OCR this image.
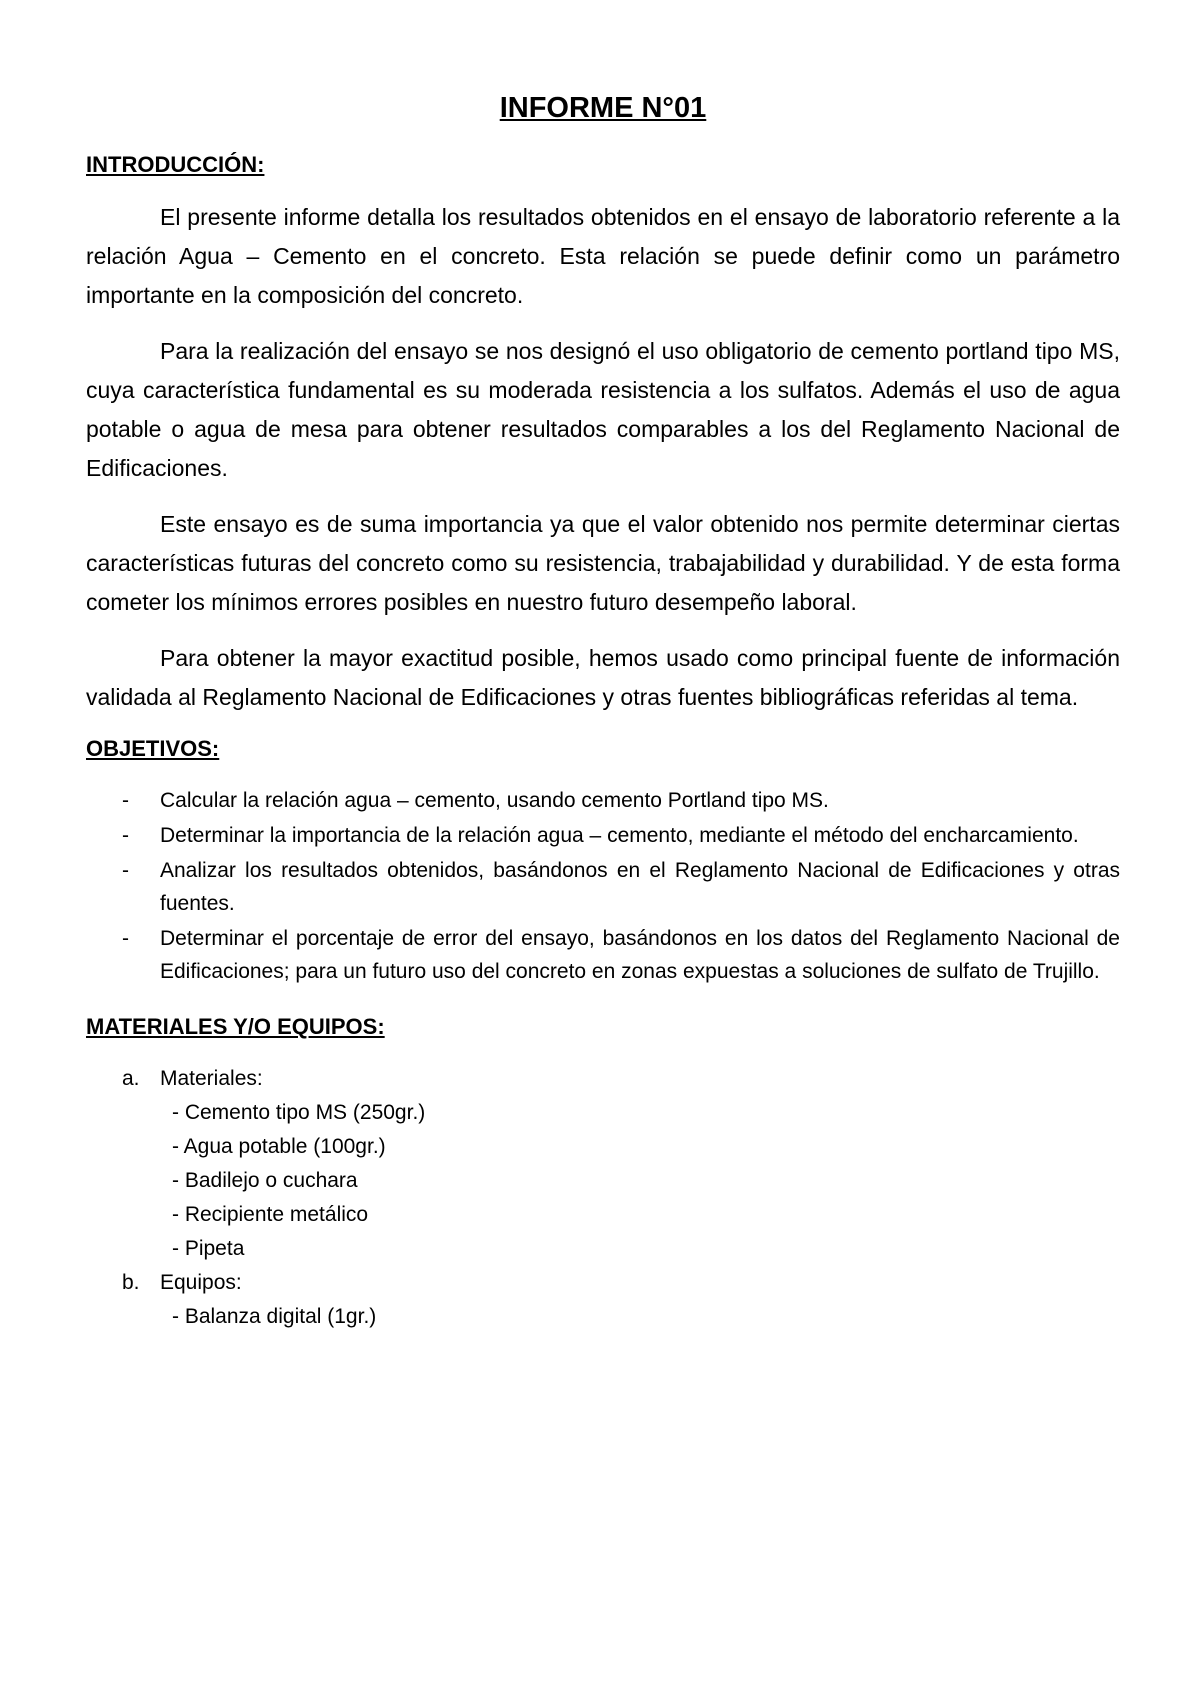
INFORME N°01
INTRODUCCIÓN:

El presente informe detalla los resultados obtenidos en el ensayo de laboratorio referente a la relación Agua – Cemento en el concreto. Esta relación se puede definir como un parámetro importante en la composición del concreto.

Para la realización del ensayo se nos designó el uso obligatorio de cemento portland tipo MS, cuya característica fundamental es su moderada resistencia a los sulfatos. Además el uso de agua potable o agua de mesa para obtener resultados comparables a los del Reglamento Nacional de Edificaciones.

Este ensayo es de suma importancia ya que el valor obtenido nos permite determinar ciertas características futuras del concreto como su resistencia, trabajabilidad y durabilidad. Y de esta forma cometer los mínimos errores posibles en nuestro futuro desempeño laboral.

Para obtener la mayor exactitud posible, hemos usado como principal fuente de información validada al Reglamento Nacional de Edificaciones y otras fuentes bibliográficas referidas al tema.

OBJETIVOS:
- Calcular la relación agua – cemento, usando cemento Portland tipo MS.
- Determinar la importancia de la relación agua – cemento, mediante el método del encharcamiento.
- Analizar los resultados obtenidos, basándonos en el Reglamento Nacional de Edificaciones y otras fuentes.
- Determinar el porcentaje de error del ensayo, basándonos en los datos del Reglamento Nacional de Edificaciones; para un futuro uso del concreto en zonas expuestas a soluciones de sulfato de Trujillo.
MATERIALES Y/O EQUIPOS:
a. Materiales:
- Cemento tipo MS (250gr.)
- Agua potable (100gr.)
- Badilejo o cuchara
- Recipiente metálico
- Pipeta
b. Equipos:
- Balanza digital (1gr.)
